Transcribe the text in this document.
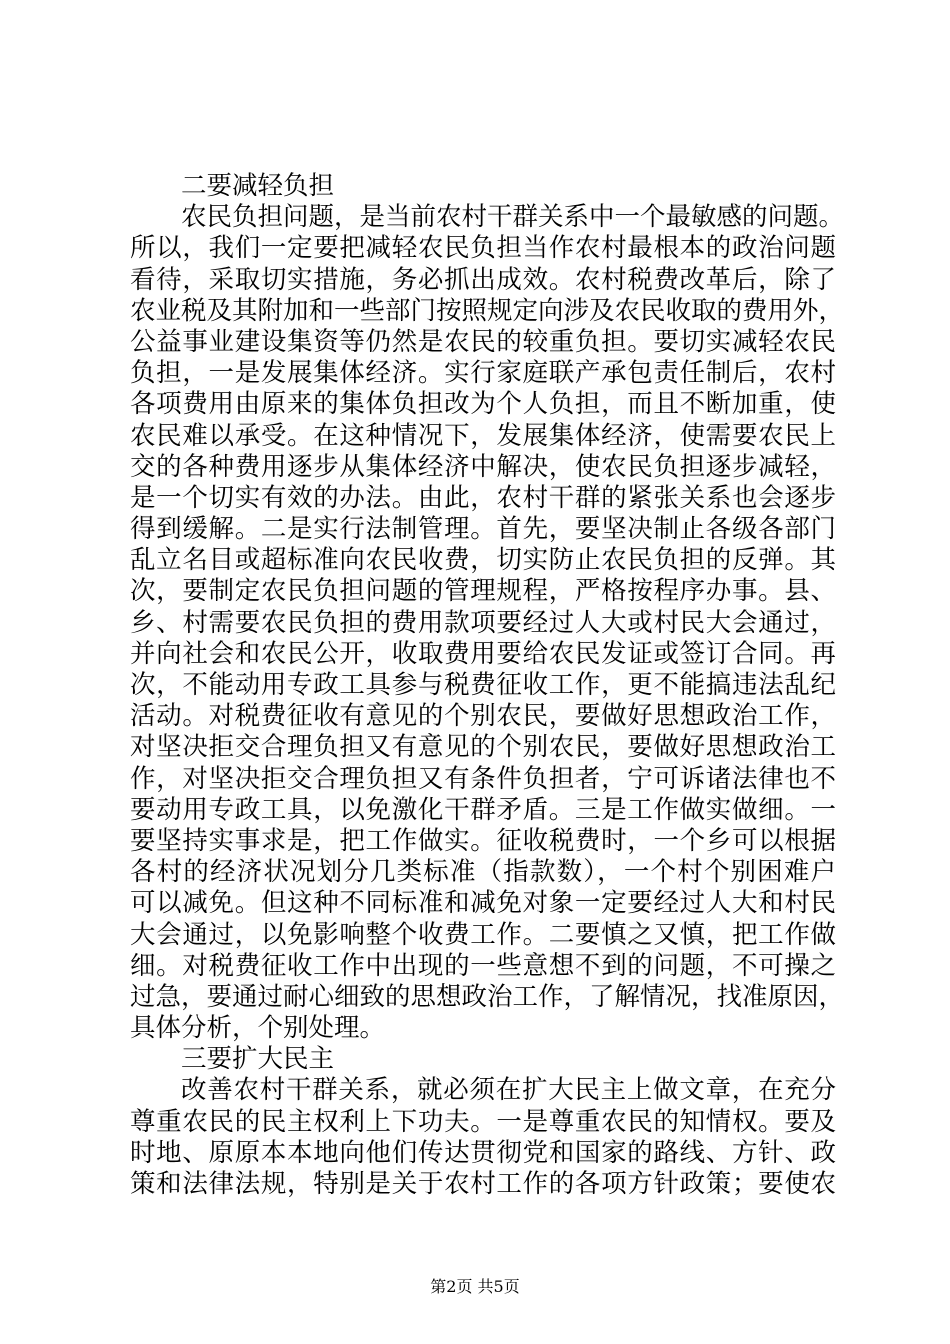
二要减轻负担
农民负担问题，是当前农村干群关系中一个最敏感的问题。
所以，我们一定要把减轻农民负担当作农村最根本的政治问题
看待，采取切实措施，务必抓出成效。农村税费改革后，除了
农业税及其附加和一些部门按照规定向涉及农民收取的费用外，
公益事业建设集资等仍然是农民的较重负担。要切实减轻农民
负担，一是发展集体经济。实行家庭联产承包责任制后，农村
各项费用由原来的集体负担改为个人负担，而且不断加重，使
农民难以承受。在这种情况下，发展集体经济，使需要农民上
交的各种费用逐步从集体经济中解决，使农民负担逐步减轻，
是一个切实有效的办法。由此，农村干群的紧张关系也会逐步
得到缓解。二是实行法制管理。首先，要坚决制止各级各部门
乱立名目或超标准向农民收费，切实防止农民负担的反弹。其
次，要制定农民负担问题的管理规程，严格按程序办事。县、
乡、村需要农民负担的费用款项要经过人大或村民大会通过，
并向社会和农民公开，收取费用要给农民发证或签订合同。再
次，不能动用专政工具参与税费征收工作，更不能搞违法乱纪
活动。对税费征收有意见的个别农民，要做好思想政治工作，
对坚决拒交合理负担又有意见的个别农民，要做好思想政治工
作，对坚决拒交合理负担又有条件负担者，宁可诉诸法律也不
要动用专政工具，以免激化干群矛盾。三是工作做实做细。一
要坚持实事求是，把工作做实。征收税费时，一个乡可以根据
各村的经济状况划分几类标准（指款数），一个村个别困难户
可以减免。但这种不同标准和减免对象一定要经过人大和村民
大会通过，以免影响整个收费工作。二要慎之又慎，把工作做
细。对税费征收工作中出现的一些意想不到的问题，不可操之
过急，要通过耐心细致的思想政治工作，了解情况，找准原因，
具体分析，个别处理。
三要扩大民主
改善农村干群关系，就必须在扩大民主上做文章，在充分
尊重农民的民主权利上下功夫。一是尊重农民的知情权。要及
时地、原原本本地向他们传达贯彻党和国家的路线、方针、政
策和法律法规，特别是关于农村工作的各项方针政策；要使农
第2页 共5页
